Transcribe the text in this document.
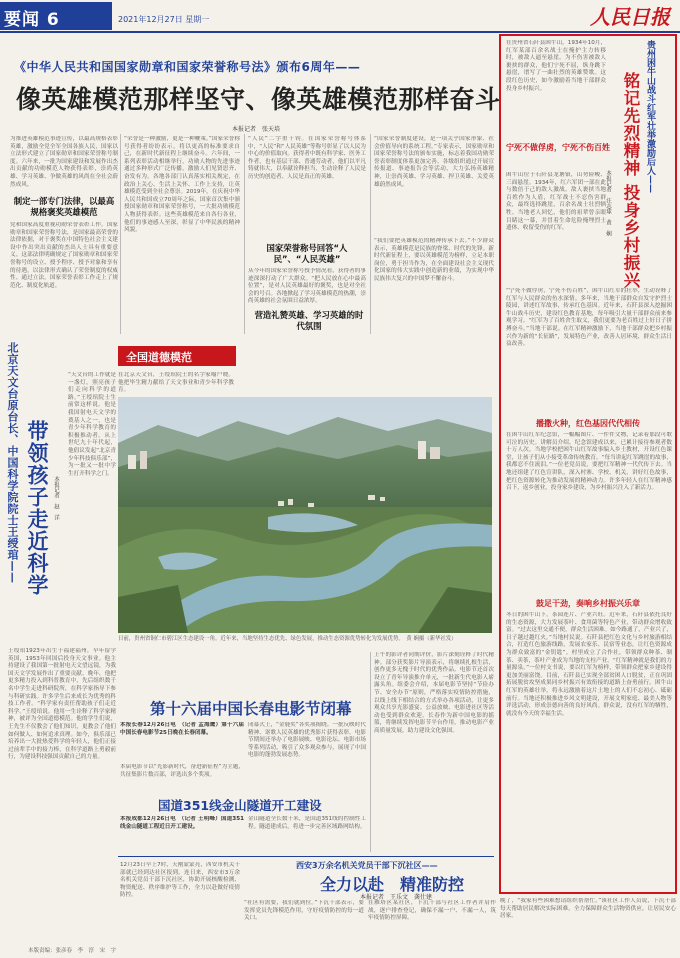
要闻 6	2021年12月27日 星期一	人民日报
《中华人民共和国国家勋章和国家荣誉称号法》颁布6周年——
像英雄模范那样坚守、像英雄模范那样奋斗
本报记者　张天培
为推进英雄模范事迹宣传，以最高规格表彰英雄，激励全党全军全国各族人民，国家以立法形式建立了国家勋章和国家荣誉称号制度。六年来，一批为国家建设和发展作出杰出贡献的功勋模范人物获得表彰，崇尚英雄、学习英雄、争做英雄的风尚在全社会蔚然成风。
制定一部专门法律，以最高规格褒奖英雄模范
党和国家高度重视功勋荣誉表彰工作。国家勋章和国家荣誉称号法，是国家最高荣誉的法律依据，对于褒奖在中国特色社会主义建设中作出突出贡献的杰出人士具有重要意义。这部法律明确规定了国家勋章和国家荣誉称号的设立、授予程序、授予对象和享有的待遇，以法律形式确认了荣誉制度的权威性。通过立法，国家荣誉表彰工作走上了规范化、制度化轨道。
“荣誉是一种激励，更是一种鞭策。”国家荣誉称号获得者纷纷表示，将以更高的标准要求自己，在新时代新征程上继续奋斗。六年间，一系列表彰活动相继举行，功勋人物的先进事迹通过多种形式广泛传播，激励人们见贤思齐、奋发有为。各地各部门认真落实相关规定，在政治上关心、生活上关怀、工作上支持，让英雄模范受到全社会尊崇。2019年，在庆祝中华人民共和国成立70周年之际，国家首次集中颁授国家勋章和国家荣誉称号，一大批功勋模范人物获得表彰。这些英雄模范来自各行各业，他们的事迹感人至深，彰显了中华民族的精神风貌。
“人民”二字重千钧。在国家荣誉称号体系中，“人民”和“人民英雄”等称号彰显了以人民为中心的价值取向。获得者中既有科学家、医务工作者，也有基层干部、普通劳动者，他们以平凡铸就伟大，以奉献诠释担当，生动诠释了人民是历史的创造者、人民是真正的英雄。
国家荣誉称号回答“人民”、“人民英雄”
从今年的国家荣誉称号授予情况看，获得者的事迹深深打动了广大群众。“把人民放在心中最高位置”，是对人民英雄最好的褒奖，也是对全社会的号召。各地掀起了学习英雄模范的热潮，崇尚英雄的社会氛围日益浓厚。
“国家荣誉制度建设，是一项关乎国家形象、社会价值导向的系统工程。”专家表示，国家勋章和国家荣誉称号法的颁布实施，标志着我国功勋荣誉表彰制度体系更加完善。各级组织通过开展宣传报道、事迹报告会等活动，大力弘扬英雄精神，让崇尚英雄、学习英雄、捍卫英雄、关爱英雄蔚然成风。
营造礼赞英雄、学习英雄的时代氛围
“我们要把英雄模范的精神传承下去。”不少群众表示，英雄模范是民族的脊梁、时代的先锋。新时代新征程上，要以英雄模范为榜样，立足本职岗位，勇于担当作为，在全面建设社会主义现代化国家的伟大实践中创造新的业绩，为实现中华民族伟大复兴的中国梦不懈奋斗。
全国道德模范
北京天文台原台长、中国科学院院士王绶琯—— 带领孩子走近科学 本报记者　赵　洋
“天文台的工作就是一盏灯，照亮孩子们走向科学的道路。”王绶琯院士生前常这样说。他是我国射电天文学的奠基人之一，也是青少年科学教育的积极推动者。从上世纪九十年代起，他倡议发起“北京青少年科技俱乐部”，为一批又一批中学生打开科学之门。
王绶琯1923年出生于福建福州，早年留学英国，1953年回国后投身天文事业。他主持建设了我国第一批射电天文望远镜，为我国天文学发展作出了重要贡献。晚年，他把更多精力投入到科普教育中，先后组织数千名中学生走进科研院所，在科学家指导下参与科研实践。许多学生后来成长为优秀的科技工作者。“科学家有责任帮助孩子们走近科学。”王绶琯说。他用一生诠释了科学家精神，被评为全国道德模范。他的学生们说，王先生不仅教会了他们知识，更教会了他们如何做人、如何追求真理。如今，俱乐部已培养出一大批热爱科学的年轻人，他们正接过前辈手中的接力棒，在科学道路上勇毅前行，为建设科技强国贡献自己的力量。
在北京天文台，王绶琯院士的名字家喻户晓。他把毕生精力献给了天文事业和青少年科学教育。
日前，贵州省铜仁市碧江区生态建设一角。近年来，当地坚持生态优先、绿色发展，推动生态资源优势转化为发展优势。　黄 娴摄（新华社发）
第十六届中国长春电影节闭幕
本报长春12月26日电　（记者 孟海鹰）第十六届中国长春电影节25日晚在长春闭幕。
本届电影节以“光影新时代，奋进新征程”为主题，共征集影片数百部，评选出多个奖项。
闭幕式上，“金鹿奖”各奖项揭晓。一批反映时代精神、讴歌人民英雄的优秀影片获得表彰。电影节期间还举办了电影展映、电影论坛、电影市场等系列活动，吸引了众多观众参与，展现了中国电影的蓬勃发展态势。
国道351线金山隧道开工建设
本报成都12月26日电　（记者 王明峰）国道351线金山隧道工程近日开工建设。
金山隧道全长数千米，是国道351线的控制性工程。隧道建成后，将进一步完善区域路网结构。
上午的影评者同期评价，影片深刻诠释了时代精神。部分获奖影片导演表示，将继续扎根生活，创作更多无愧于时代的优秀作品。电影节还首次设立了青年导演推介单元，一批新生代电影人崭露头角。组委会介绍，本届电影节坚持“节俭办节、安全办节”原则，严格落实疫情防控措施，以线上线下相结合的方式举办各项活动，让更多观众共享光影盛宴。公益放映、电影进社区等活动也受到群众欢迎。长春作为新中国电影的摇篮，将继续发挥电影节平台作用，推动电影产业高质量发展，助力建设文化强国。
西安3万余名机关党员干部下沉社区——
全力以赴　精准防控
本报记者　王乐文　龚仕建
12月23日早上7时，天刚蒙蒙亮，西安市机关干部就已经到达社区报到。连日来，西安市3万余名机关党员干部下沉社区，协助开展核酸检测、物资配送、秩序维护等工作，全力以赴做好疫情防控。
“社区有需要，我们就到位。”下沉干部表示，要发挥党员先锋模范作用，守好疫情防控的每一道关口。
在雁塔区某社区，下沉干部与社区工作者并肩作战，逐户排查登记，确保不漏一户、不漏一人，筑牢疫情防控屏障。
在贵州省石阡县困牛山，1934年10月，红军某部百余名战士在掩护主力转移时，被敌人逼至悬崖。为不伤害被敌人裹挟的群众，他们宁死不屈，纵身跳下悬崖，谱写了一曲壮烈的英雄赞歌。这段红色历史，如今激励着当地干部群众投身乡村振兴。	贵州困牛山战斗红军壮举激励后人——
铭记先烈精神 投身乡村振兴
本报记者　汪志球　黄　娴
宁死不做俘虏，宁死不伤百姓
困牛山位于石阡县龙塘镇，山势险峻、三面悬崖。1934年，红六军团一部在此与数倍于己的敌人激战。敌人裹挟当地百姓作为人盾，红军战士不忍伤害群众，最终选择跳崖，百余名战士壮烈牺牲。当地老人回忆，他们的祖辈曾亲眼目睹这一幕，并冒着生命危险掩埋烈士遗体、收留受伤的红军。
“宁死不做俘虏，宁死不伤百姓”，困牛山红军的壮举，生动诠释了红军与人民群众的鱼水深情。多年来，当地干部群众自发守护烈士陵园，讲述红军故事，传承红色基因。近年来，石阡县深入挖掘困牛山战斗历史，建设红色教育基地，每年吸引大量干部群众前来参观学习。“红军为了百姓舍生取义，我们更要为老百姓过上好日子拼搏奋斗。”当地干部说。在红军精神激励下，当地干部群众把乡村振兴作为新的“长征路”，发展特色产业，改善人居环境，群众生活日益改善。
播撒火种，红色基因代代相传
在困牛山红军纪念馆，一幅幅图片、一件件文物，记录着那段可歌可泣的历史。讲解员介绍，纪念馆建成以来，已累计接待参观者数十万人次。当地学校把困牛山红军故事编入乡土教材，开设红色课堂，让孩子们从小接受革命传统教育。“每当讲起红军跳崖的故事，我都忍不住流泪。”一位老党员说，要把红军精神一代代传下去。当地还组建了红色宣讲队，深入村寨、学校、机关，讲好红色故事，把红色资源转化为推动发展的精神动力。许多年轻人在红军精神感召下，返乡创业，投身家乡建设，为乡村振兴注入了新活力。
鼓足干劲，奏响乡村振兴乐章
冬日的困牛山下，茶园连片、产业兴旺。近年来，石阡县依托良好的生态资源，大力发展茶叶、食用菌等特色产业，带动群众增收致富。“过去这里交通不便，群众生活困难。如今路通了，产业兴了，日子越过越红火。”当地村民说。石阡县把红色文化与乡村旅游相结合，打造红色旅游线路，发展农家乐、民宿等业态，让红色资源成为群众致富的“金钥匙”。村里成立了合作社，带领群众种茶、制茶、卖茶，茶叶产业成为当地的支柱产业。“红军精神就是我们的力量源泉。”一位村支书说，要以红军为榜样，带领群众把家乡建设得更加美丽富饶。目前，石阡县已实现全部贫困人口脱贫，正在巩固拓展脱贫攻坚成果同乡村振兴有效衔接的道路上奋勇前行。困牛山红军的英雄壮举，将永远激励着这片土地上的人们不忘初心、砥砺前行。当地还积极推进乡风文明建设，开展文明家庭、最美人物等评选活动，形成崇德向善的良好风尚。群众说，没有红军的牺牲，就没有今天的幸福生活。
晚了，“我家有些困难想请组织帮帮忙。”该社区工作人员说，下沉干部每天帮助居民解决实际困难，全力保障群众生活物资供应，让居民安心居家。
本版责编：张彦春　李　淳　宋　宇
